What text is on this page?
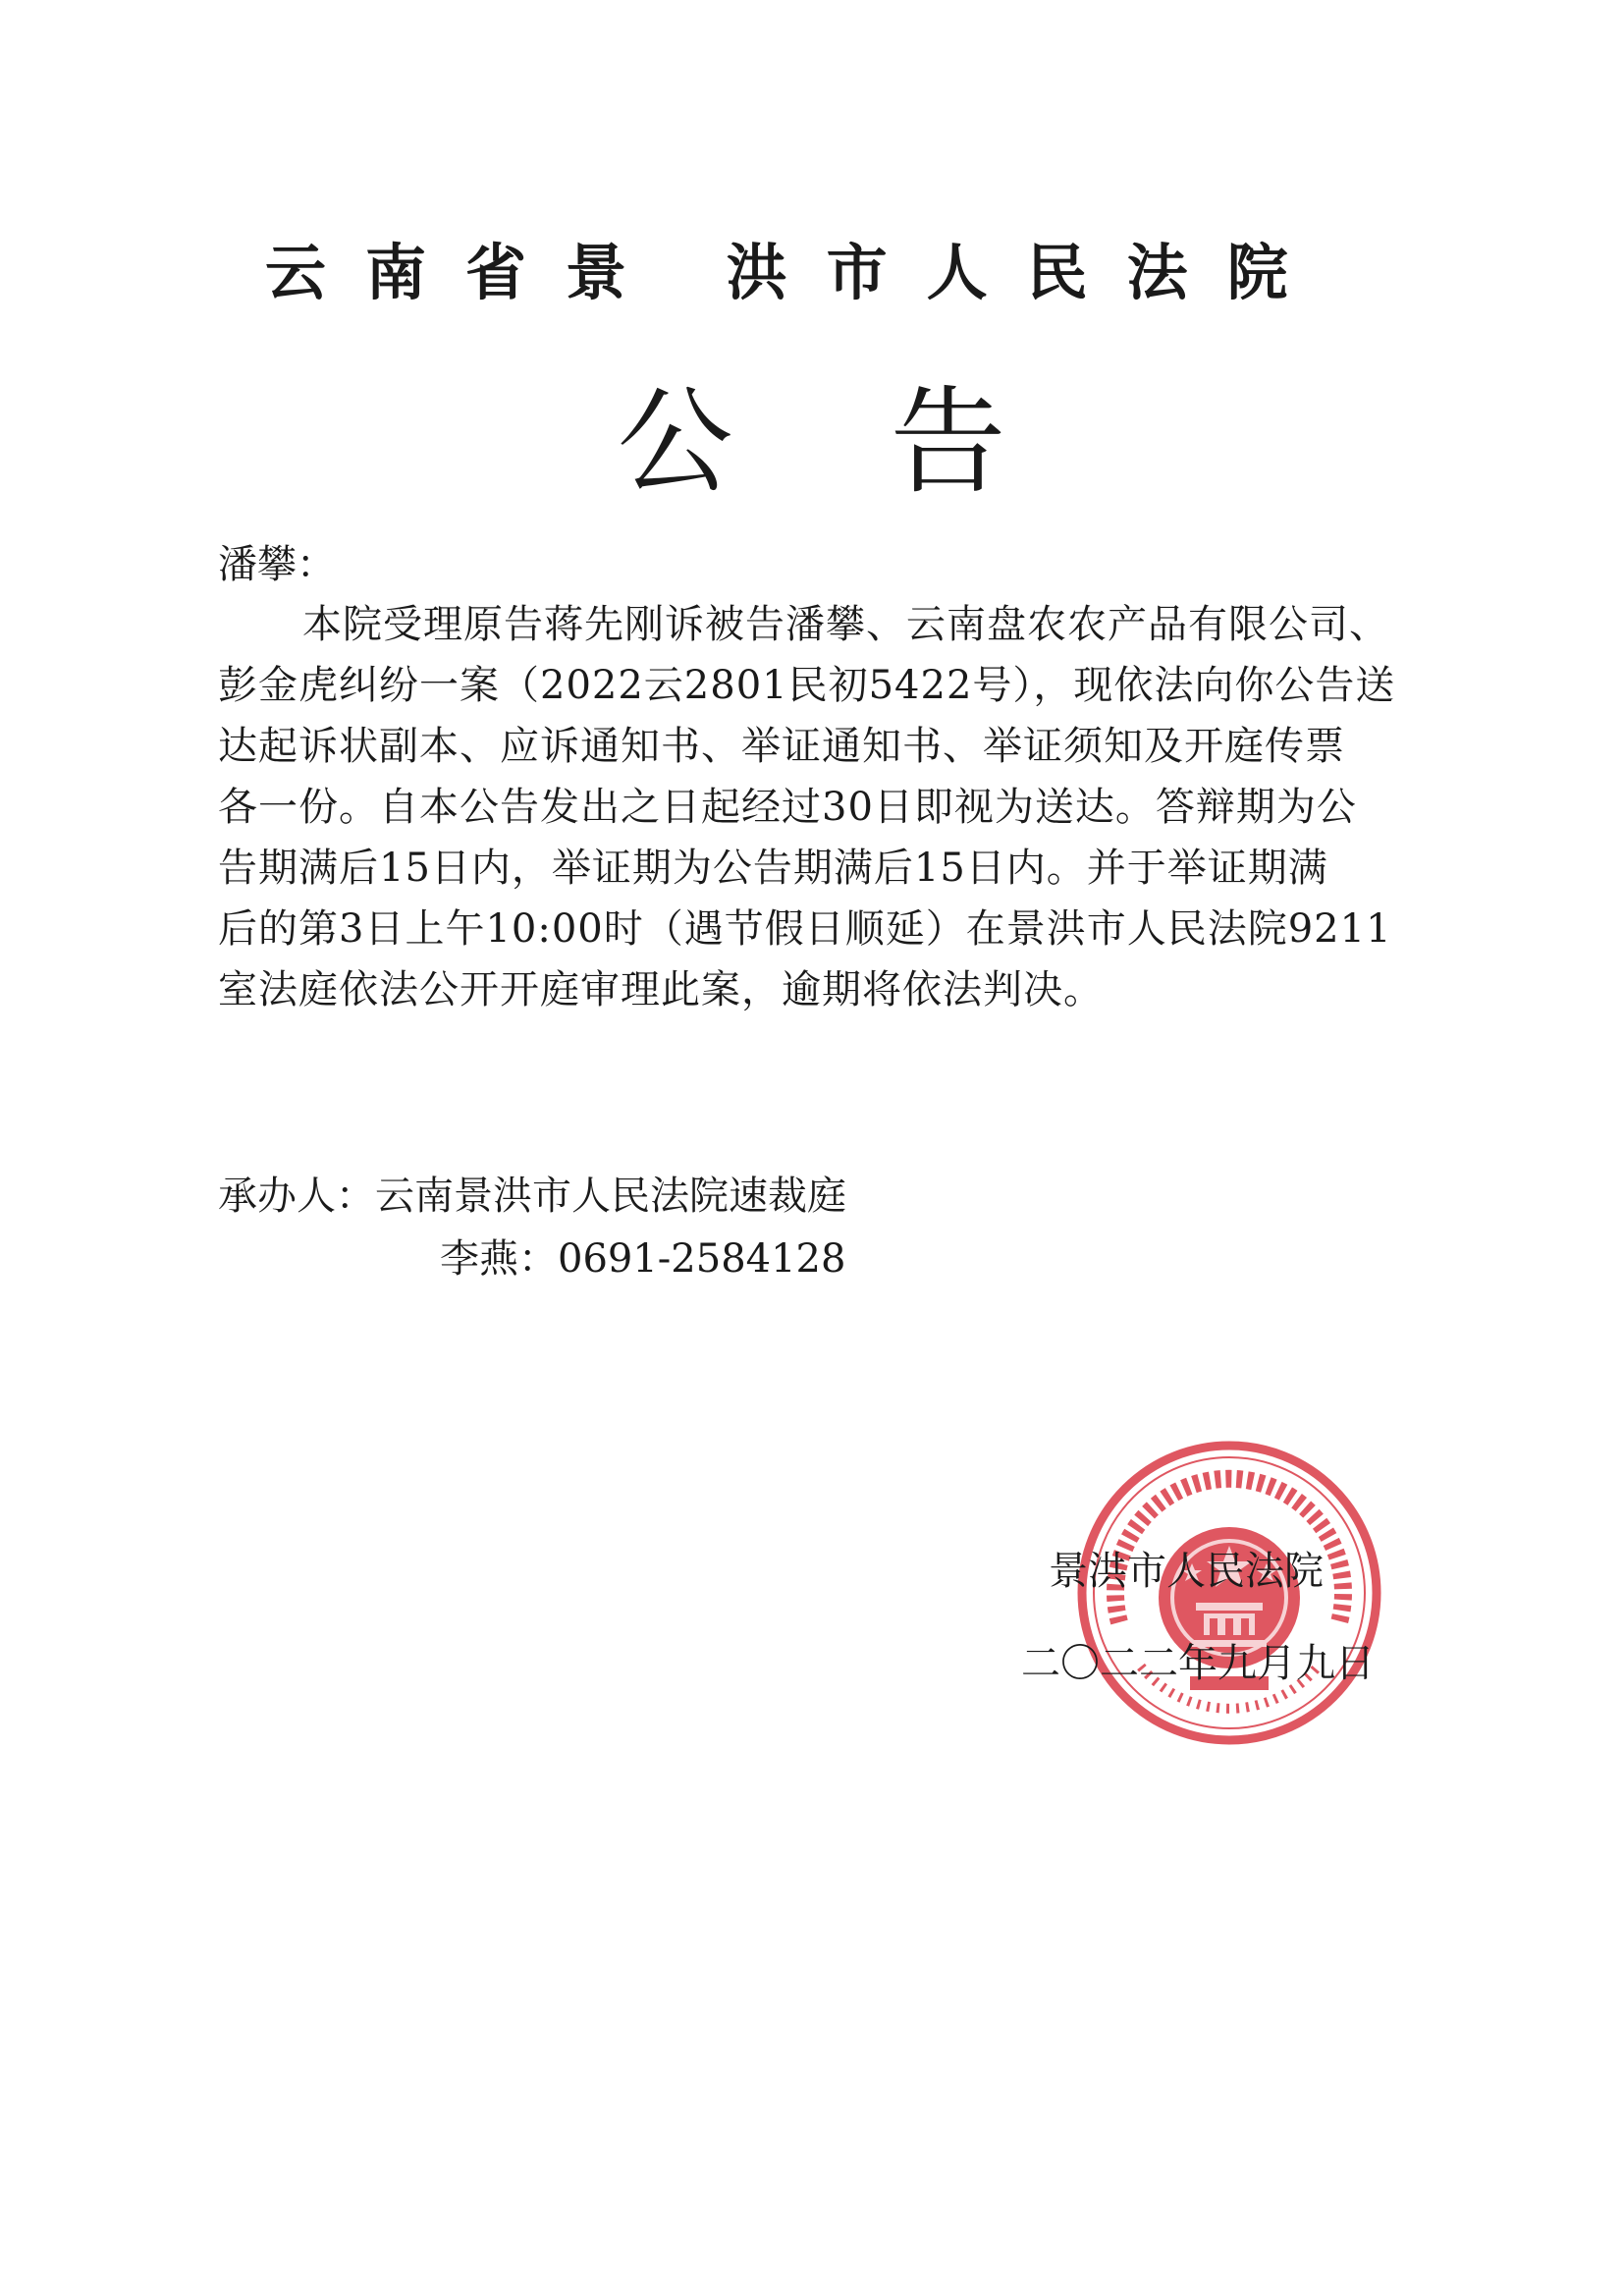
云南省景 洪市人民法院
公告
潘攀：
本院受理原告蒋先刚诉被告潘攀、云南盘农农产品有限公司、
彭金虎纠纷一案（2022云2801民初5422号），现依法向你公告送
达起诉状副本、应诉通知书、举证通知书、举证须知及开庭传票
各一份。自本公告发出之日起经过30日即视为送达。答辩期为公
告期满后15日内，举证期为公告期满后15日内。并于举证期满
后的第3日上午10:00时（遇节假日顺延）在景洪市人民法院9211
室法庭依法公开开庭审理此案，逾期将依法判决。
承办人：云南景洪市人民法院速裁庭
李燕：0691-2584128
景洪市人民法院
二〇二二年九月九日
